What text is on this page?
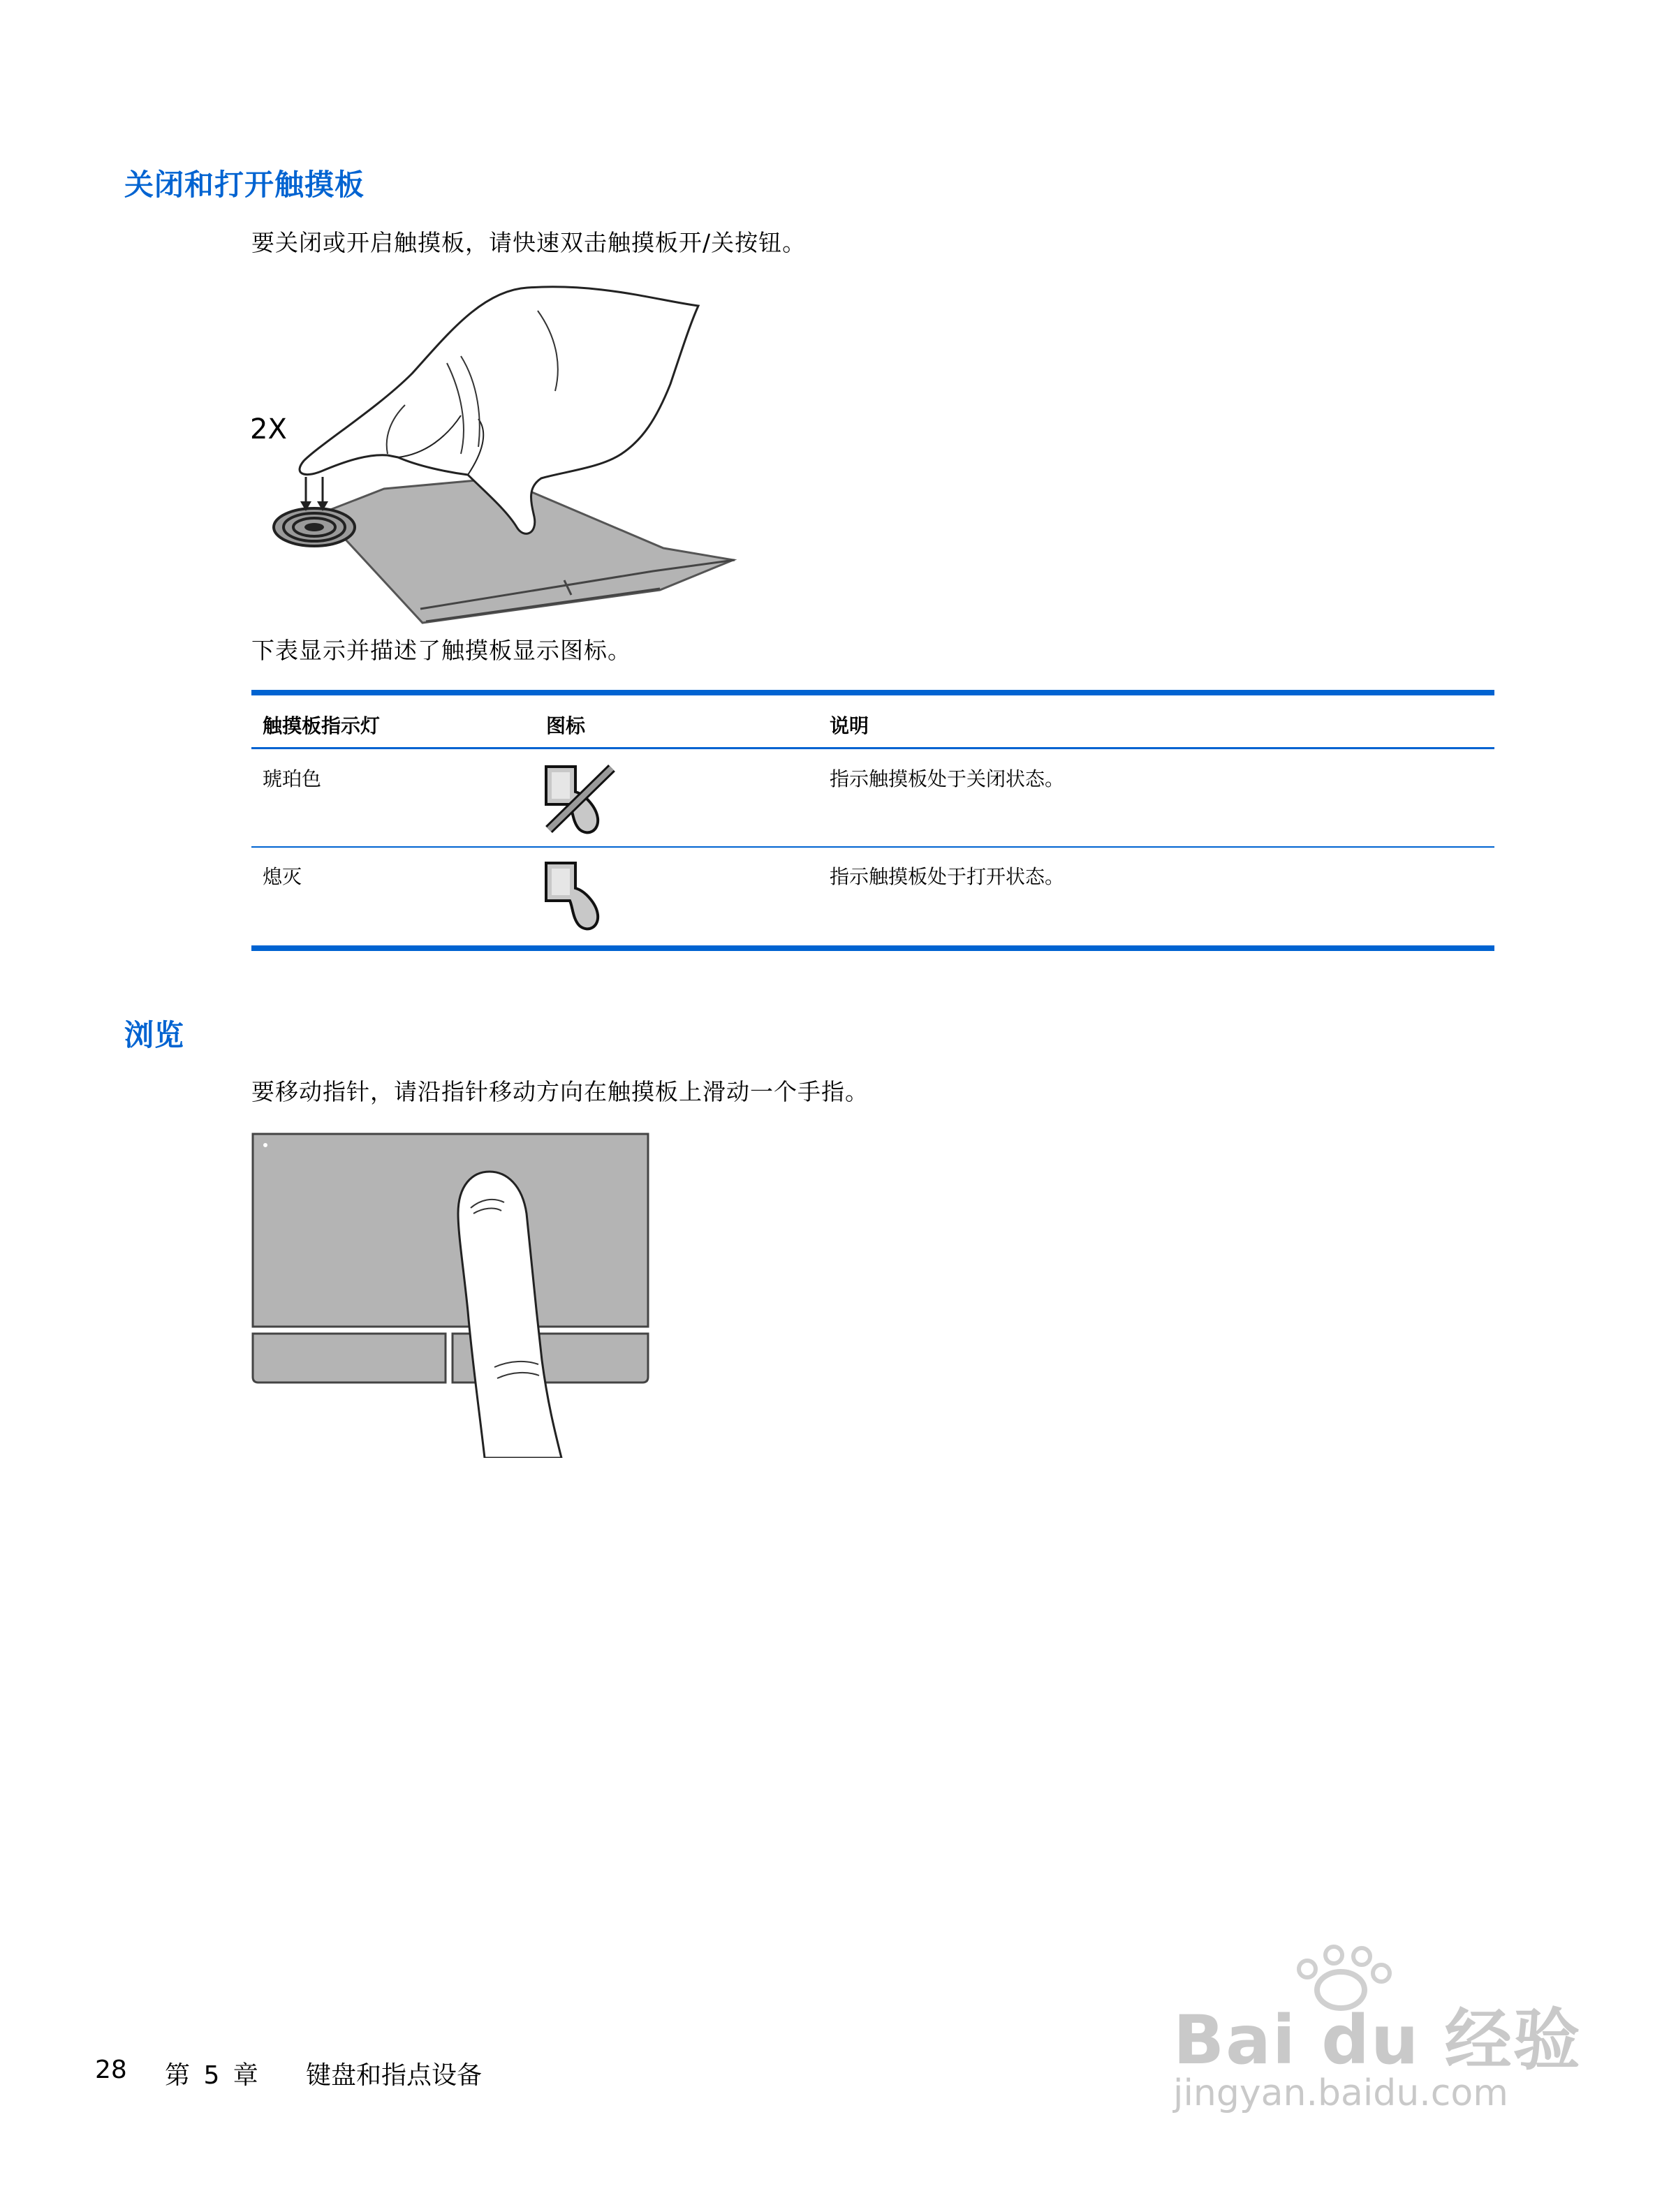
关闭和打开触摸板
要关闭或开启触摸板，请快速双击触摸板开/关按钮。
2X
下表显示并描述了触摸板显示图标。
触摸板指示灯	图标	说明
琥珀色	指示触摸板处于关闭状态。
熄灭	指示触摸板处于打开状态。
浏览
要移动指针，请沿指针移动方向在触摸板上滑动一个手指。
Bai du 经验
jingyan.baidu.com
28 第 5 章 键盘和指点设备
